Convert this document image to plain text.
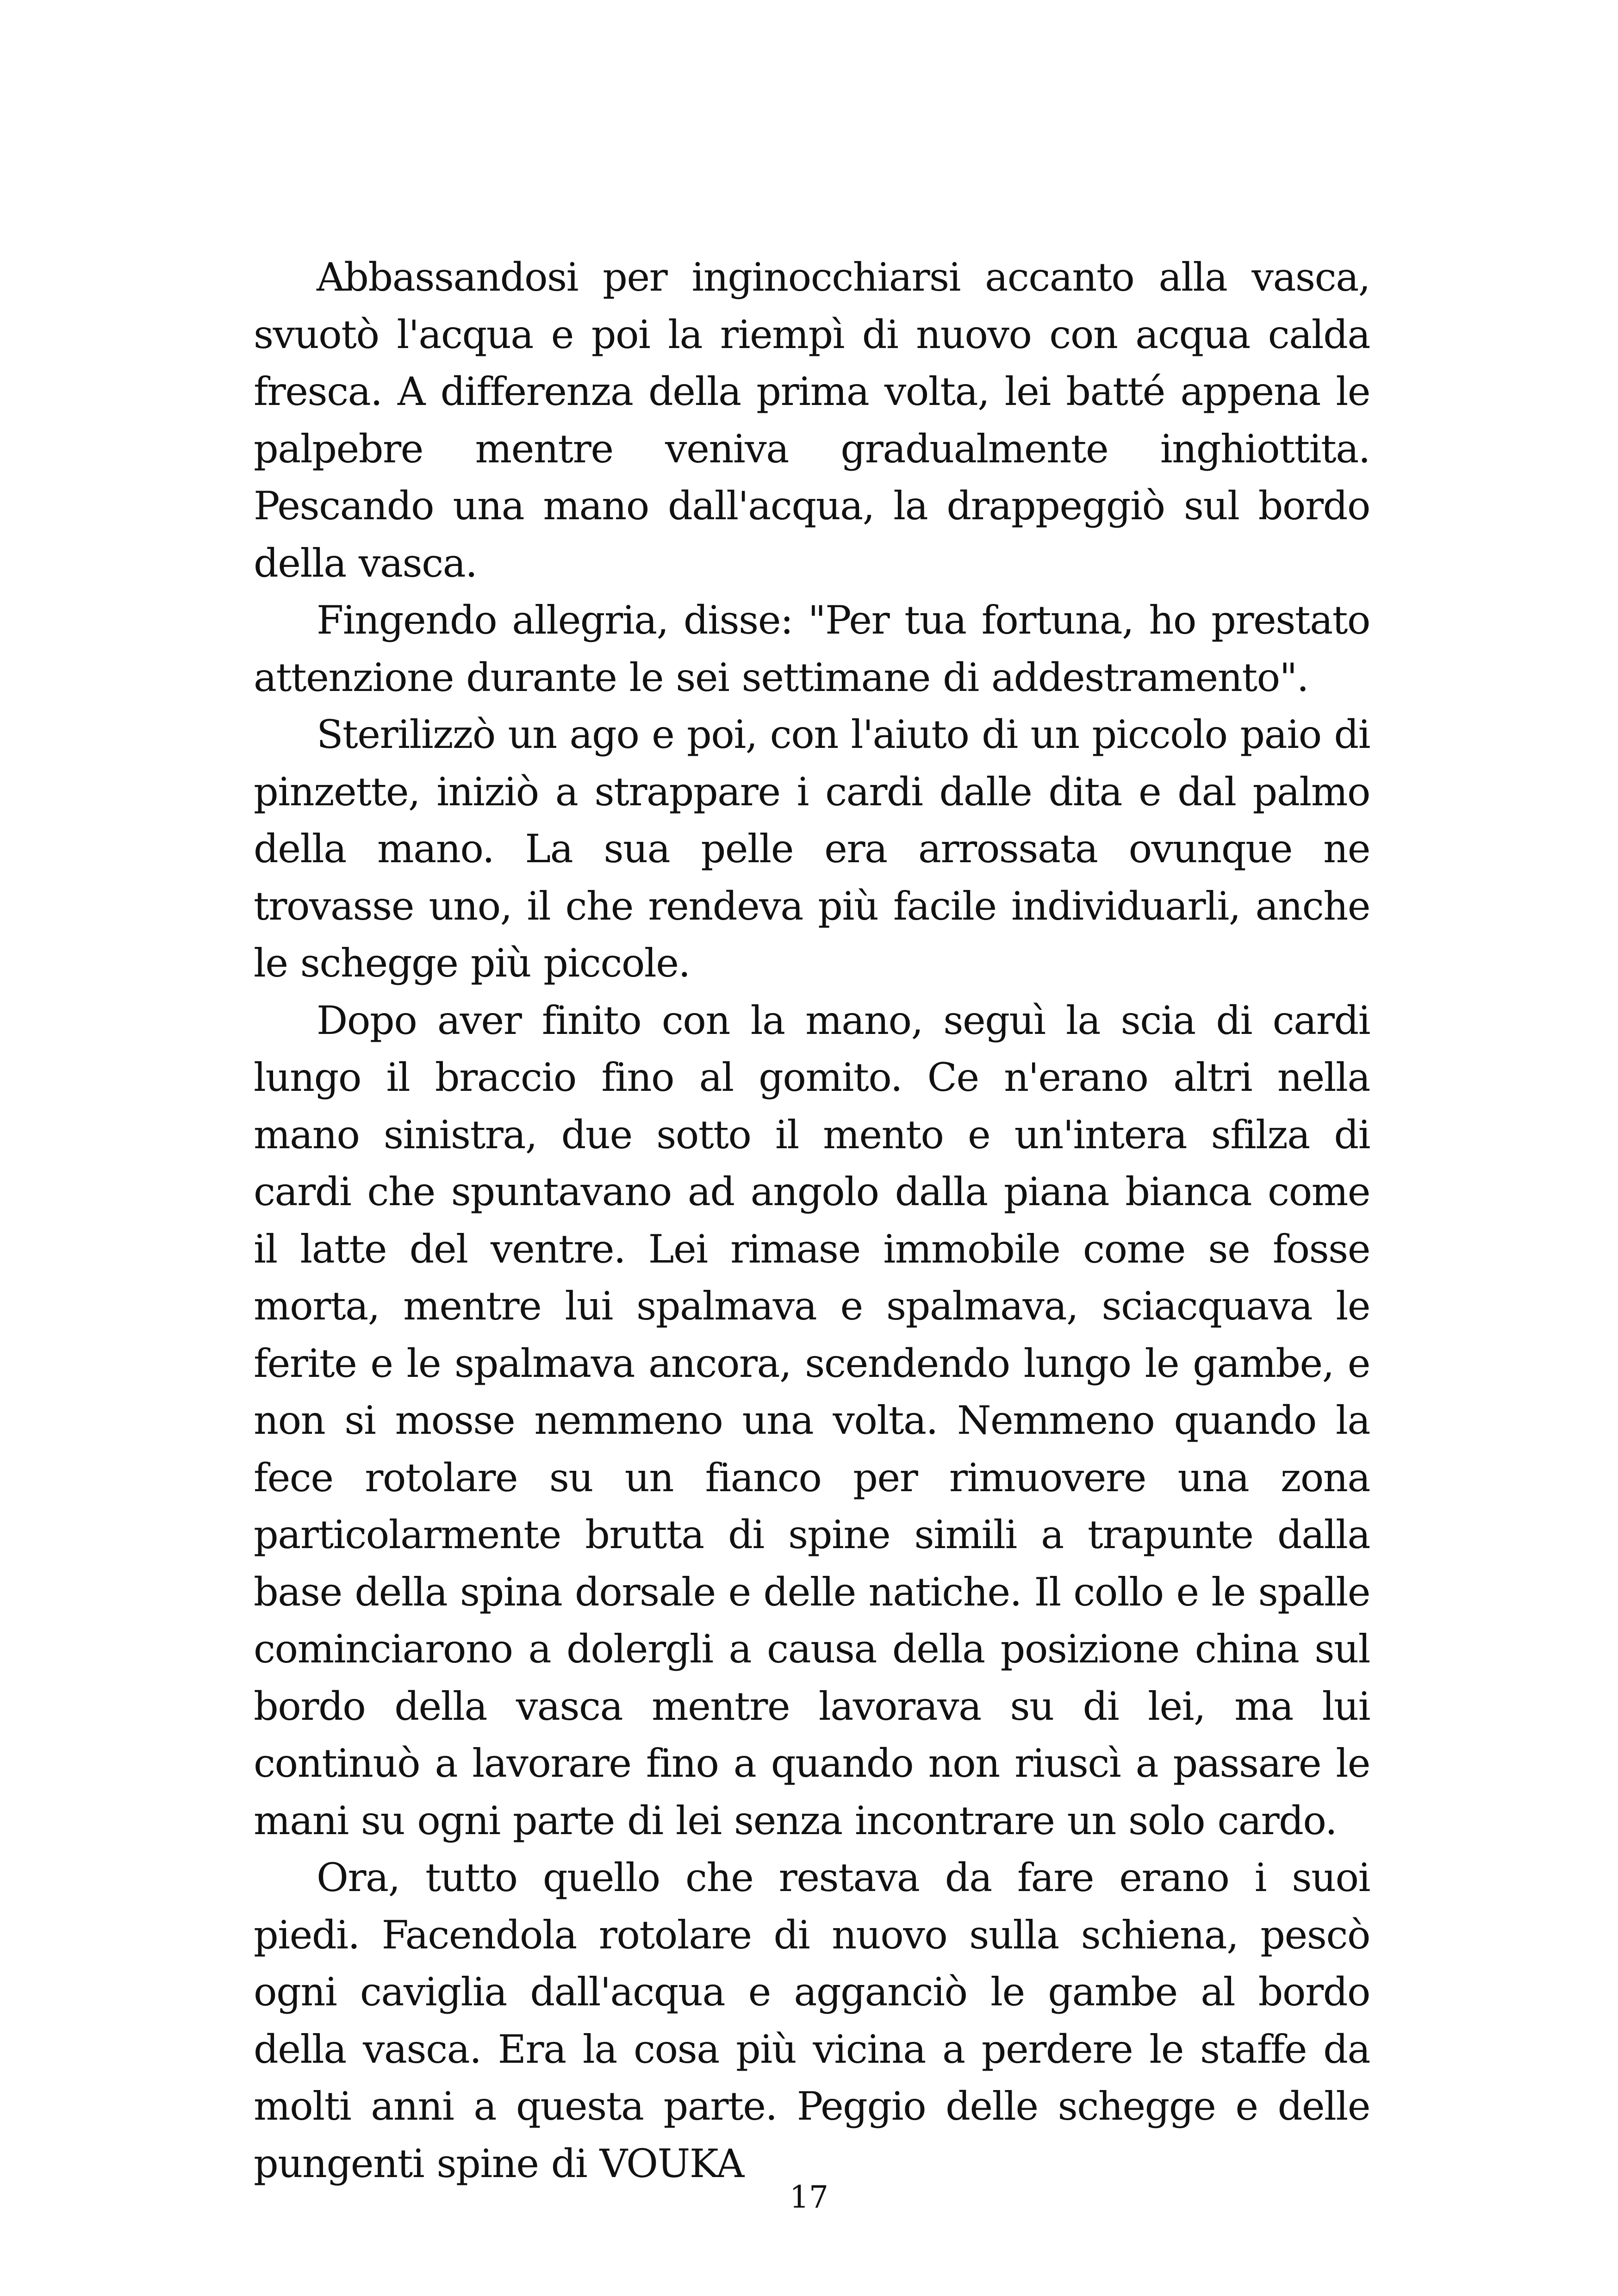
Abbassandosi per inginocchiarsi accanto alla vasca, svuotò l'acqua e poi la riempì di nuovo con acqua calda fresca. A differenza della prima volta, lei batté appena le palpebre mentre veniva gradualmente inghiottita. Pescando una mano dall'acqua, la drappeggiò sul bordo della vasca.

Fingendo allegria, disse: "Per tua fortuna, ho prestato attenzione durante le sei settimane di addestramento".

Sterilizzò un ago e poi, con l'aiuto di un piccolo paio di pinzette, iniziò a strappare i cardi dalle dita e dal palmo della mano. La sua pelle era arrossata ovunque ne trovasse uno, il che rendeva più facile individuarli, anche le schegge più piccole.

Dopo aver finito con la mano, seguì la scia di cardi lungo il braccio fino al gomito. Ce n'erano altri nella mano sinistra, due sotto il mento e un'intera sfilza di cardi che spuntavano ad angolo dalla piana bianca come il latte del ventre. Lei rimase immobile come se fosse morta, mentre lui spalmava e spalmava, sciacquava le ferite e le spalmava ancora, scendendo lungo le gambe, e non si mosse nemmeno una volta. Nemmeno quando la fece rotolare su un fianco per rimuovere una zona particolarmente brutta di spine simili a trapunte dalla base della spina dorsale e delle natiche. Il collo e le spalle cominciarono a dolergli a causa della posizione china sul bordo della vasca mentre lavorava su di lei, ma lui continuò a lavorare fino a quando non riuscì a passare le mani su ogni parte di lei senza incontrare un solo cardo.

Ora, tutto quello che restava da fare erano i suoi piedi. Facendola rotolare di nuovo sulla schiena, pescò ogni caviglia dall'acqua e agganciò le gambe al bordo della vasca. Era la cosa più vicina a perdere le staffe da molti anni a questa parte. Peggio delle schegge e delle pungenti spine di VOUKA

17
